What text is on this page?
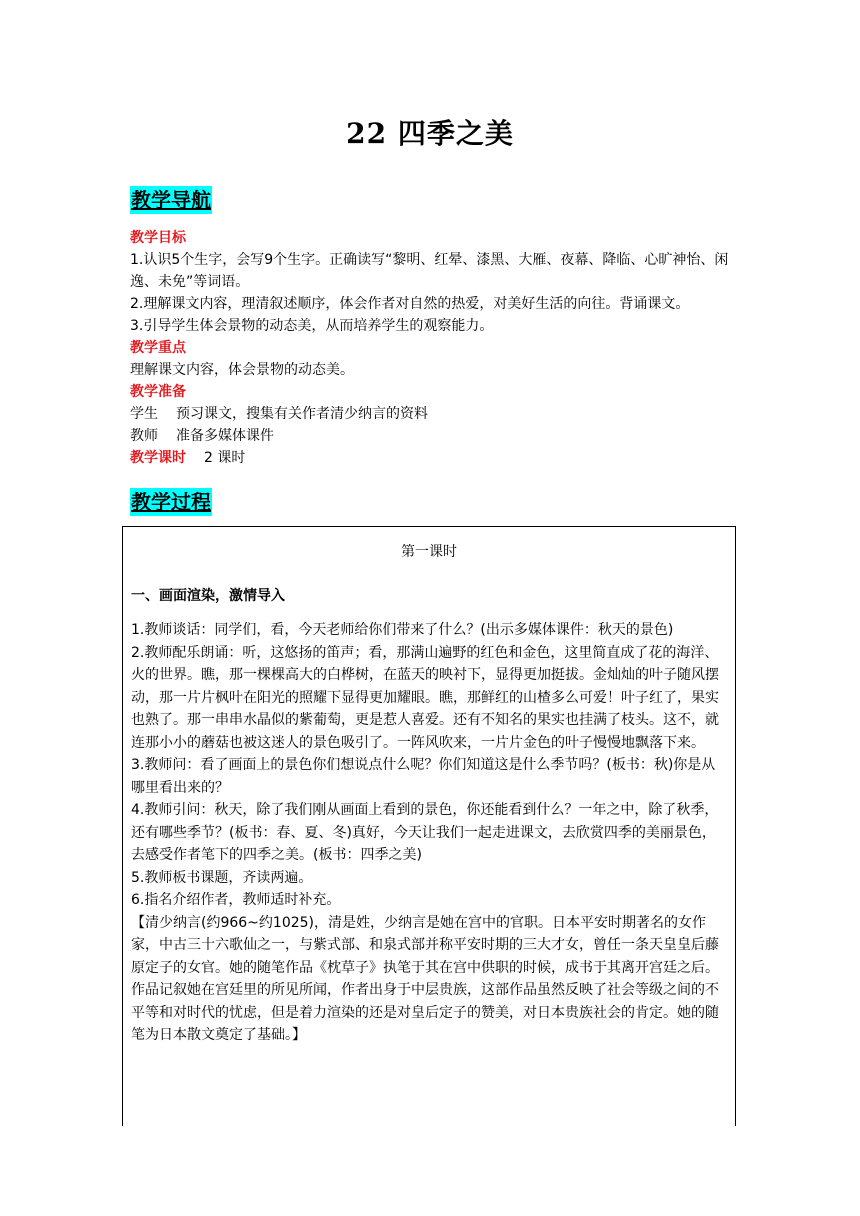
22 四季之美
教学导航
教学目标

1.认识5个生字，会写9个生字。正确读写“黎明、红晕、漆黑、大雁、夜幕、降临、心旷神怡、闲逸、未免”等词语。

2.理解课文内容，理清叙述顺序，体会作者对自然的热爱，对美好生活的向往。背诵课文。

3.引导学生体会景物的动态美，从而培养学生的观察能力。

教学重点

理解课文内容，体会景物的动态美。

教学准备
学生 预习课文，搜集有关作者清少纳言的资料
教师 准备多媒体课件
教学课时 2 课时
教学过程
第一课时
一、画面渲染，激情导入

1.教师谈话：同学们，看，今天老师给你们带来了什么？(出示多媒体课件：秋天的景色)

2.教师配乐朗诵：听，这悠扬的笛声；看，那满山遍野的红色和金色，这里简直成了花的海洋、火的世界。瞧，那一棵棵高大的白桦树，在蓝天的映衬下，显得更加挺拔。金灿灿的叶子随风摆动，那一片片枫叶在阳光的照耀下显得更加耀眼。瞧，那鲜红的山楂多么可爱！叶子红了，果实也熟了。那一串串水晶似的紫葡萄，更是惹人喜爱。还有不知名的果实也挂满了枝头。这不，就连那小小的蘑菇也被这迷人的景色吸引了。一阵风吹来，一片片金色的叶子慢慢地飘落下来。

3.教师问：看了画面上的景色你们想说点什么呢？你们知道这是什么季节吗？(板书：秋)你是从哪里看出来的？

4.教师引问：秋天，除了我们刚从画面上看到的景色，你还能看到什么？一年之中，除了秋季，还有哪些季节？(板书：春、夏、冬)真好，今天让我们一起走进课文，去欣赏四季的美丽景色，去感受作者笔下的四季之美。(板书：四季之美)

5.教师板书课题，齐读两遍。

6.指名介绍作者，教师适时补充。

【清少纳言(约966~约1025)，清是姓，少纳言是她在宫中的官职。日本平安时期著名的女作家，中古三十六歌仙之一，与紫式部、和泉式部并称平安时期的三大才女，曾任一条天皇皇后藤原定子的女官。她的随笔作品《枕草子》执笔于其在宫中供职的时候，成书于其离开宫廷之后。作品记叙她在宫廷里的所见所闻，作者出身于中层贵族，这部作品虽然反映了社会等级之间的不平等和对时代的忧虑，但是着力渲染的还是对皇后定子的赞美，对日本贵族社会的肯定。她的随笔为日本散文奠定了基础。】
